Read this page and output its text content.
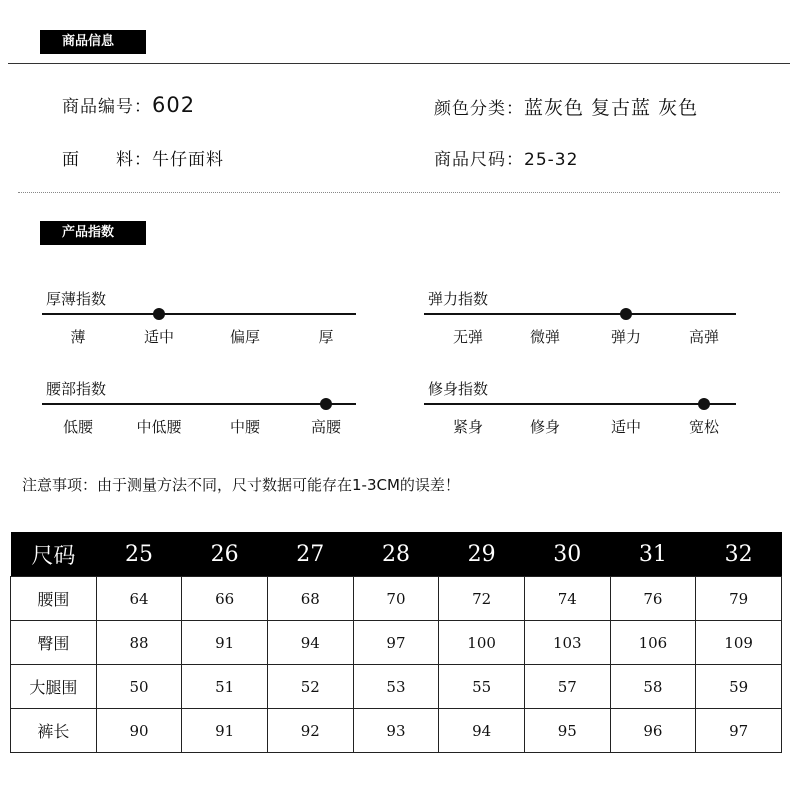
商品信息
商品编号：602	颜色分类：蓝灰色 复古蓝 灰色
面　　料：牛仔面料	商品尺码：25-32
产品指数
注意事项：由于测量方法不同，尺寸数据可能存在1-3CM的误差！
尺码	25	26	27	28	29	30	31	32
腰围	64	66	68	70	72	74	76	79
臀围	88	91	94	97	100	103	106	109
大腿围	50	51	52	53	55	57	58	59
裤长	90	91	92	93	94	95	96	97
厚薄指数
薄	适中	偏厚	厚
弹力指数
无弹	微弹	弹力	高弹
腰部指数
低腰	中低腰	中腰	高腰
修身指数
紧身	修身	适中	宽松
